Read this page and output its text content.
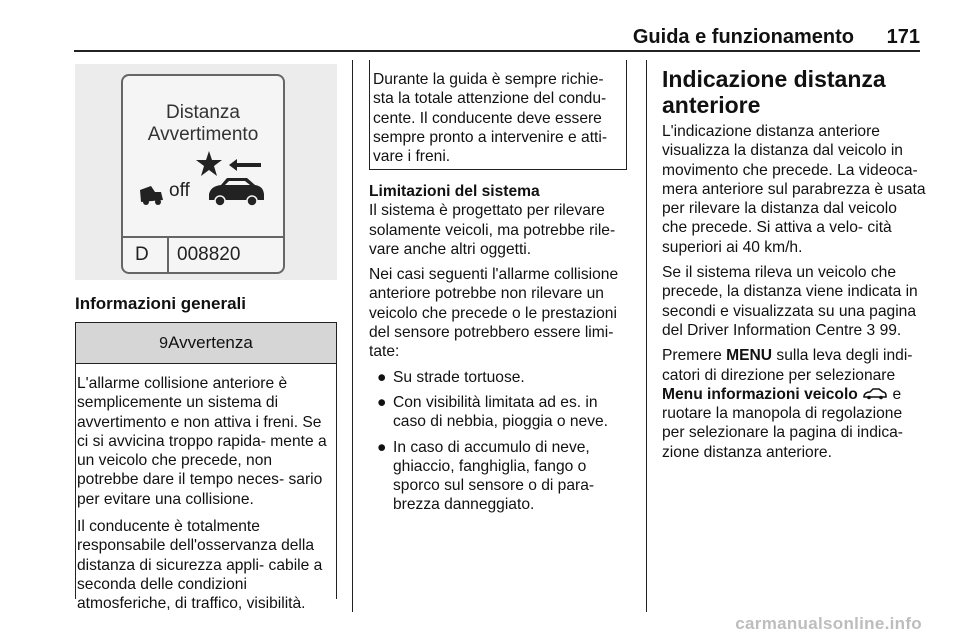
Guida e funzionamento 171
Distanza
Avvertimento
off
D 008820
Informazioni generali
9Avvertenza

L'allarme collisione anteriore è semplicemente un sistema di avvertimento e non attiva i freni. Se ci si avvicina troppo rapida- mente a un veicolo che precede, non potrebbe dare il tempo neces- sario per evitare una collisione.

Il conducente è totalmente responsabile dell'osservanza della distanza di sicurezza appli- cabile a seconda delle condizioni atmosferiche, di traffico, visibilità.

Durante la guida è sempre richie- sta la totale attenzione del condu- cente. Il conducente deve essere sempre pronto a intervenire e atti- vare i freni.
Limitazioni del sistema

Il sistema è progettato per rilevare solamente veicoli, ma potrebbe rile- vare anche altri oggetti.

Nei casi seguenti l'allarme collisione anteriore potrebbe non rilevare un veicolo che precede o le prestazioni del sensore potrebbero essere limi- tate:

● Su strade tortuose.
● Con visibilità limitata ad es. in caso di nebbia, pioggia o neve.
● In caso di accumulo di neve, ghiaccio, fanghiglia, fango o sporco sul sensore o di para- brezza danneggiato.
Indicazione distanza anteriore

L'indicazione distanza anteriore visualizza la distanza dal veicolo in movimento che precede. La videoca- mera anteriore sul parabrezza è usata per rilevare la distanza dal veicolo che precede. Si attiva a velo- cità superiori ai 40 km/h.

Se il sistema rileva un veicolo che precede, la distanza viene indicata in secondi e visualizzata su una pagina del Driver Information Centre 3 99.

Premere MENU sulla leva degli indi- catori di direzione per selezionare Menu informazioni veicolo e ruotare la manopola di regolazione per selezionare la pagina di indica- zione distanza anteriore.

carmanualsonline.info
